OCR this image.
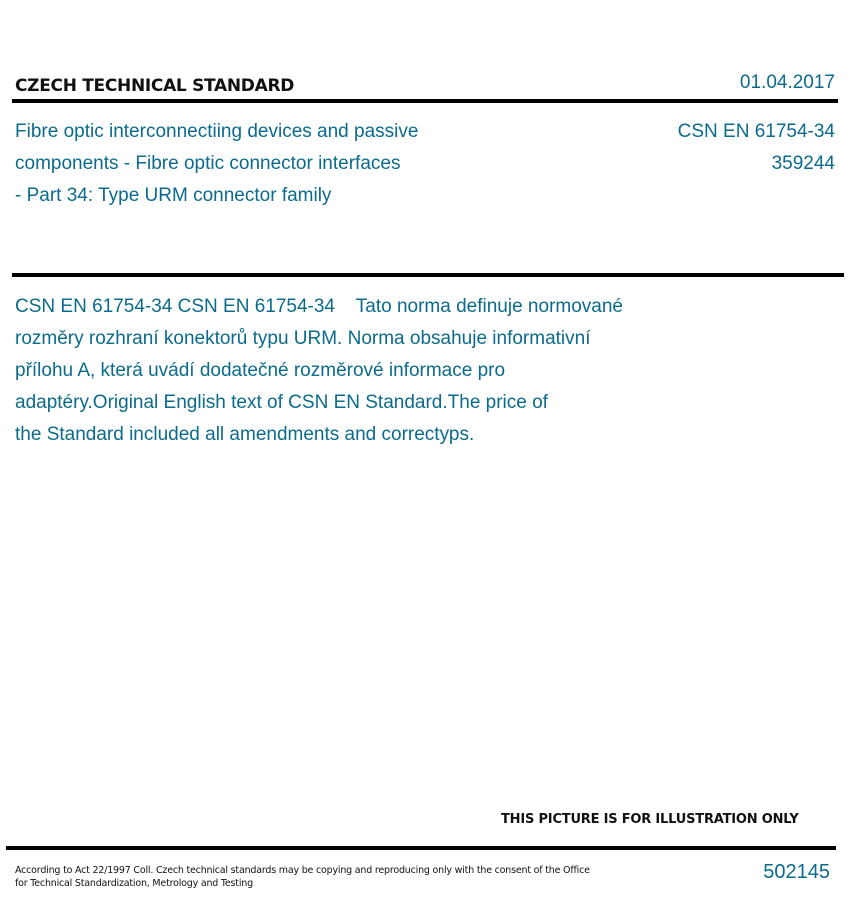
CZECH TECHNICAL STANDARD	01.04.2017
Fibre optic interconnectiing devices and passive
components - Fibre optic connector interfaces
- Part 34: Type URM connector family
CSN EN 61754-34
359244
CSN EN 61754-34 CSN EN 61754-34    Tato norma definuje normované
rozměry rozhraní konektorů typu URM. Norma obsahuje informativní
přílohu A, která uvádí dodatečné rozměrové informace pro
adaptéry.Original English text of CSN EN Standard.The price of
the Standard included all amendments and correctурs.
THIS PICTURE IS FOR ILLUSTRATION ONLY
According to Act 22/1997 Coll. Czech technical standards may be copying and reproducing only with the consent of the Office
for Technical Standardization, Metrology and Testing
502145
